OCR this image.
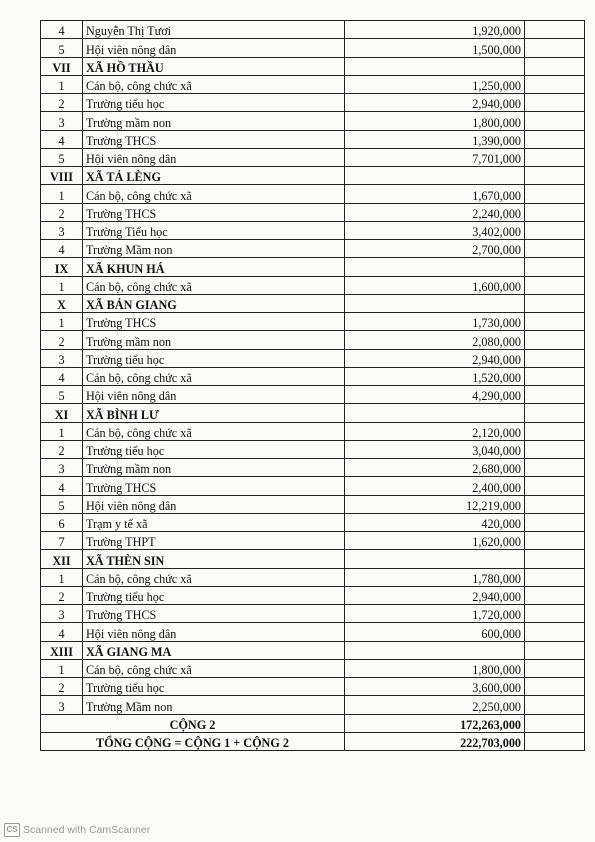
4	Nguyễn Thị Tươi	1,920,000	
5	Hội viên nông dân	1,500,000	
VII	XÃ HỒ THẦU		
1	Cán bộ, công chức xã	1,250,000	
2	Trường tiểu học	2,940,000	
3	Trường mầm non	1,800,000	
4	Trường THCS	1,390,000	
5	Hội viên nông dân	7,701,000	
VIII	XÃ TẢ LÈNG		
1	Cán bộ, công chức xã	1,670,000	
2	Trường THCS	2,240,000	
3	Trường Tiểu học	3,402,000	
4	Trường Mầm non	2,700,000	
IX	XÃ KHUN HÁ		
1	Cán bộ, công chức xã	1,600,000	
X	XÃ BẢN GIANG		
1	Trường THCS	1,730,000	
2	Trường mầm non	2,080,000	
3	Trường tiểu học	2,940,000	
4	Cán bộ, công chức xã	1,520,000	
5	Hội viên nông dân	4,290,000	
XI	XÃ BÌNH LƯ		
1	Cán bộ, công chức xã	2,120,000	
2	Trường tiểu học	3,040,000	
3	Trường mầm non	2,680,000	
4	Trường THCS	2,400,000	
5	Hội viên nông dân	12,219,000	
6	Trạm y tế xã	420,000	
7	Trường THPT	1,620,000	
XII	XÃ THÈN SIN		
1	Cán bộ, công chức xã	1,780,000	
2	Trường tiểu học	2,940,000	
3	Trường THCS	1,720,000	
4	Hội viên nông dân	600,000	
XIII	XÃ GIANG MA		
1	Cán bộ, công chức xã	1,800,000	
2	Trường tiểu học	3,600,000	
3	Trường Mầm non	2,250,000	
CỘNG 2		172,263,000	
TỔNG CỘNG = CỘNG 1 + CỘNG 2		222,703,000	
CS Scanned with CamScanner
